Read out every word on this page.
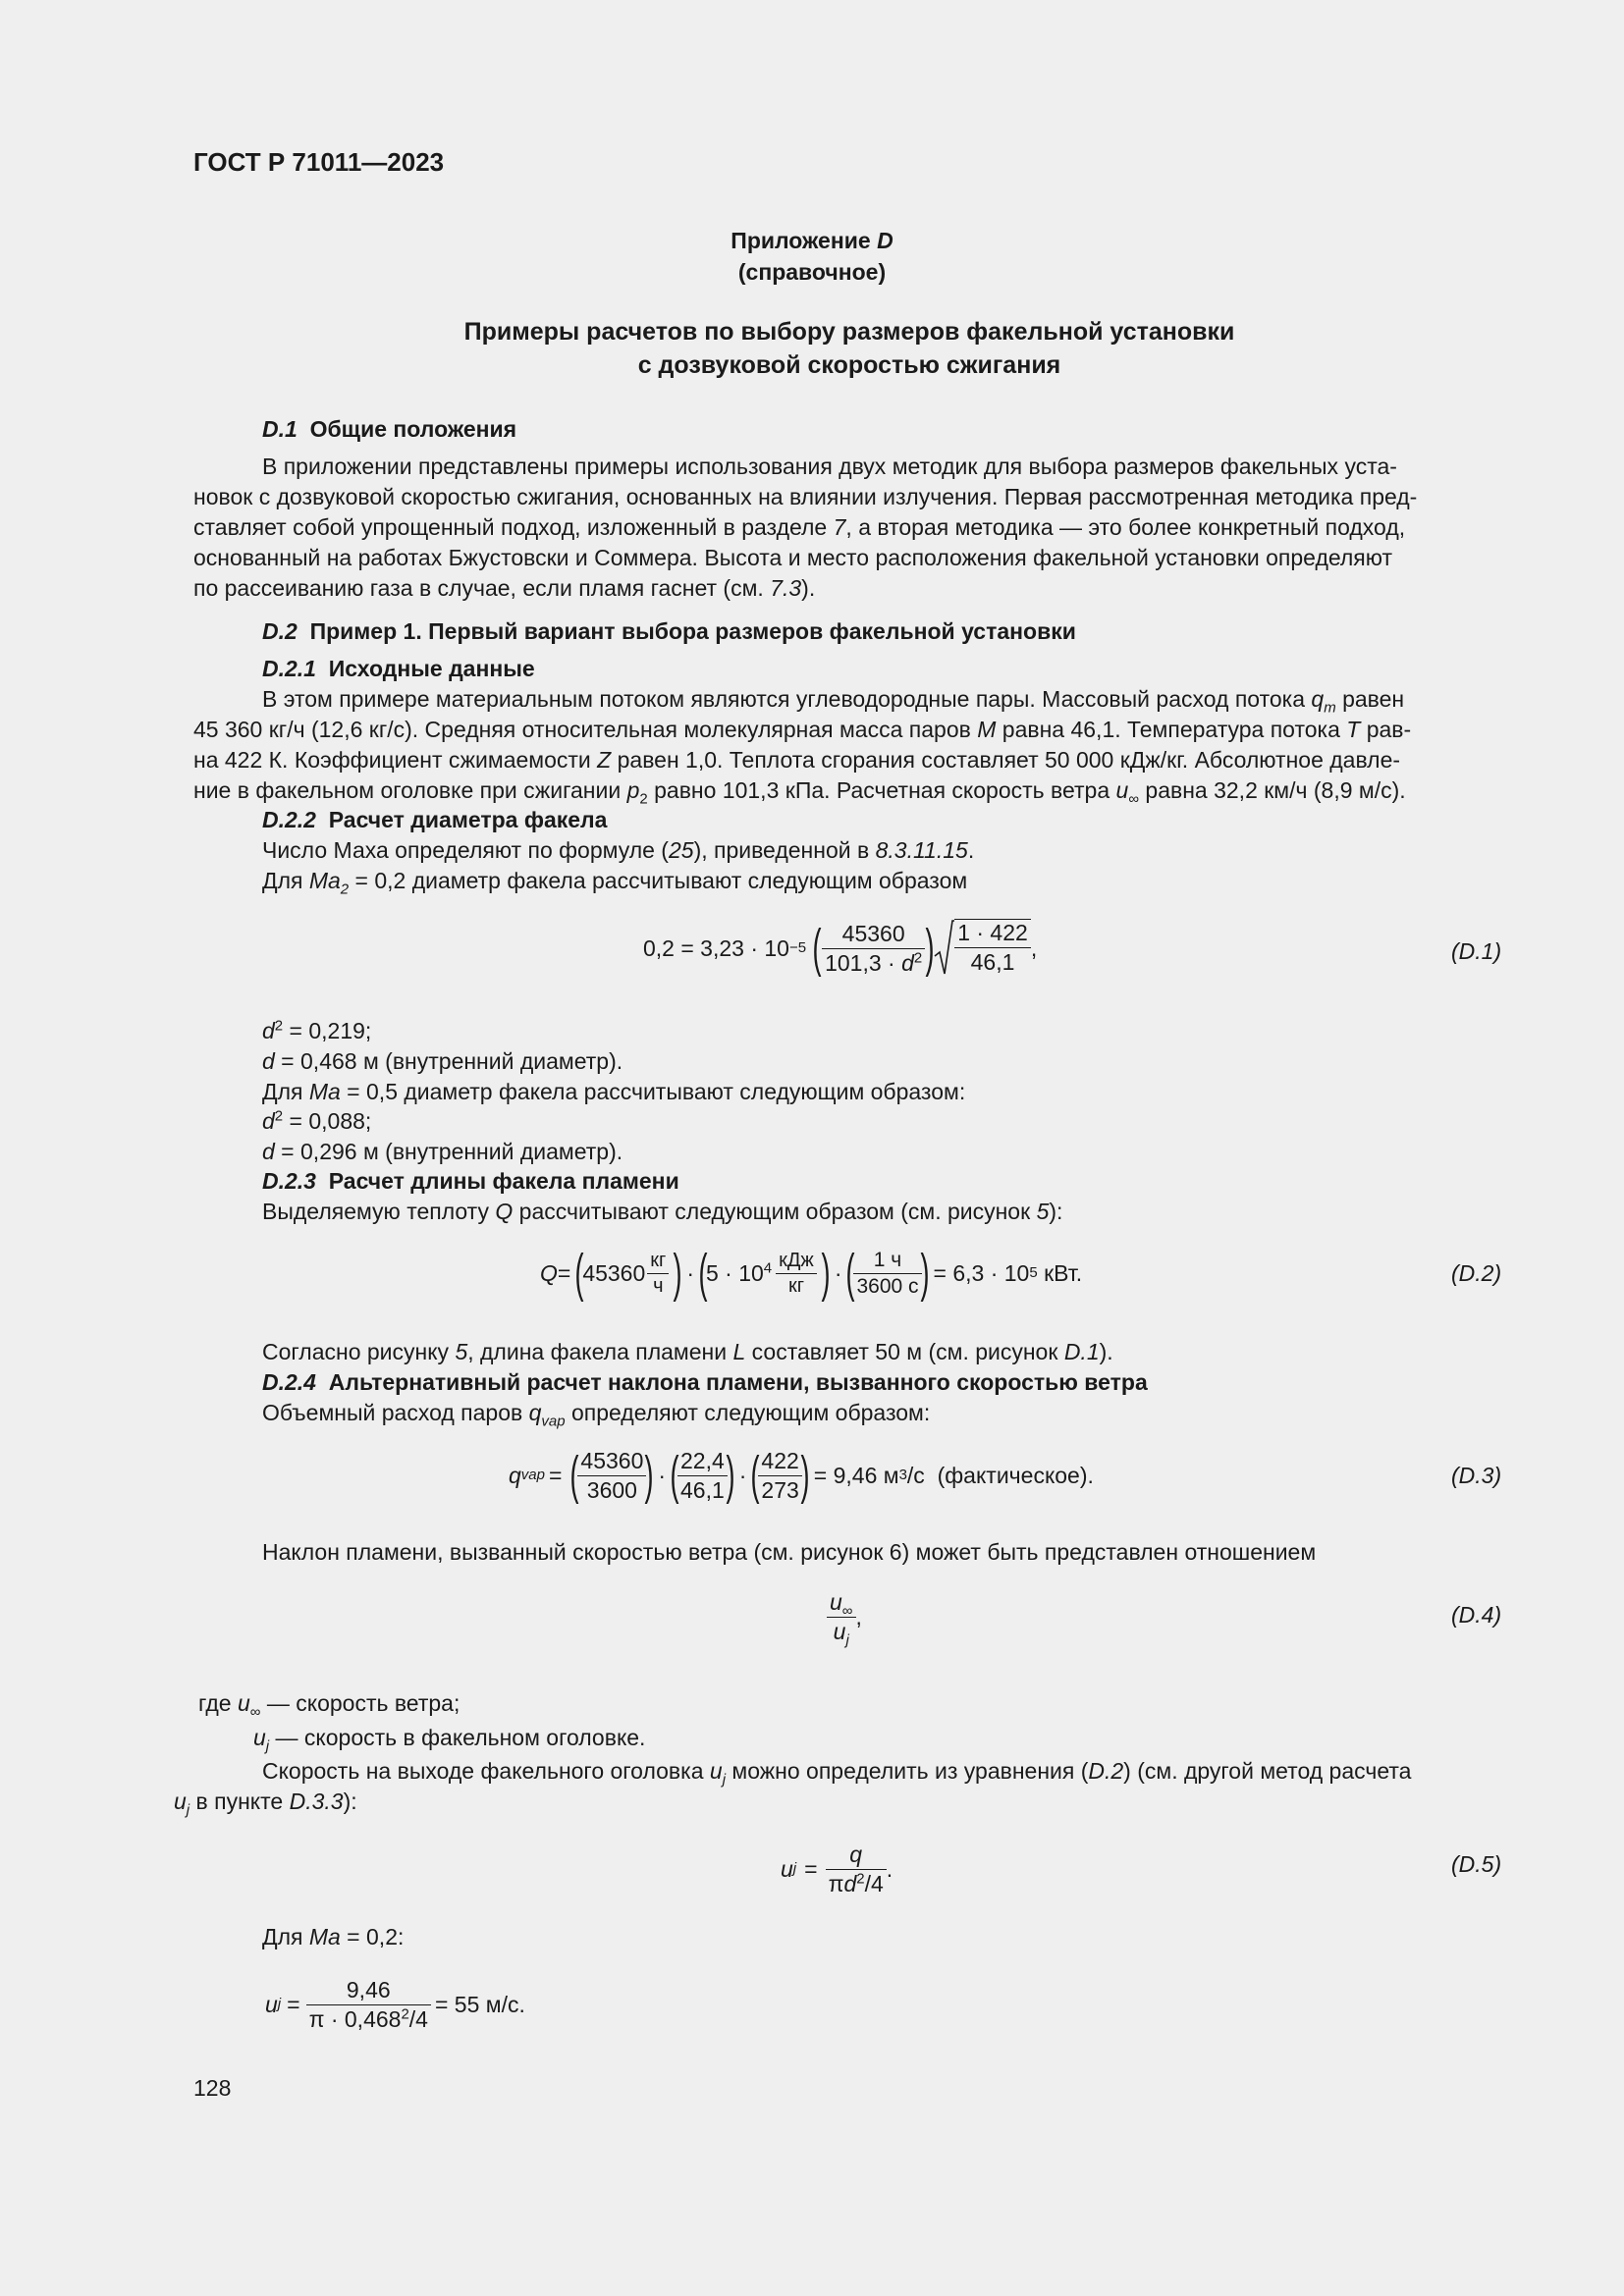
ГОСТ Р 71011—2023
Приложение D
(справочное)
Примеры расчетов по выбору размеров факельной установки
с дозвуковой скоростью сжигания
D.1 Общие положения
В приложении представлены примеры использования двух методик для выбора размеров факельных уста-
новок с дозвуковой скоростью сжигания, основанных на влиянии излучения. Первая рассмотренная методика пред-
ставляет собой упрощенный подход, изложенный в разделе 7, а вторая методика — это более конкретный подход,
основанный на работах Бжустовски и Соммера. Высота и место расположения факельной установки определяют
по рассеиванию газа в случае, если пламя гаснет (см. 7.3).
D.2 Пример 1. Первый вариант выбора размеров факельной установки
D.2.1 Исходные данные
В этом примере материальным потоком являются углеводородные пары. Массовый расход потока $q_m$ равен
45 360 кг/ч (12,6 кг/с). Средняя относительная молекулярная масса паров M равна 46,1. Температура потока T рав-
на 422 К. Коэффициент сжимаемости Z равен 1,0. Теплота сгорания составляет 50 000 кДж/кг. Абсолютное давле-
ние в факельном оголовке при сжигании $p_2$ равно 101,3 кПа. Расчетная скорость ветра $u_\infty$ равна 32,2 км/ч (8,9 м/с).
D.2.2 Расчет диаметра факела
Число Маха определяют по формуле (25), приведенной в 8.3.11.15.
Для $Ma_2 = 0,2$ диаметр факела рассчитывают следующим образом
0,2 = 3,23 · 10 −5 ( $\frac{45360}{101,3 \cdot d^2}$ ) $\frac{1 \cdot 422}{46,1}$ ,	(D.1)
$d^2 = 0,219$;
d = 0,468 м (внутренний диаметр).
Для Ma = 0,5 диаметр факела рассчитывают следующим образом:
$d^2 = 0,088$;
d = 0,296 м (внутренний диаметр).
D.2.3 Расчет длины факела пламени
Выделяемую теплоту Q рассчитывают следующим образом (см. рисунок 5):
Q = (
$45360 \frac{кг}{ч}$ ) · (
$5 \cdot 10^4 \frac{\text{кДж}}{кг}$ ) · (
$\frac{1 ч}{3600 с}$
) = 6,3 · 10 5
кВт.	(D.2)
Согласно рисунку 5, длина факела пламени L составляет 50 м (см. рисунок D.1).
D.2.4 Альтернативный расчет наклона пламени, вызванного скоростью ветра
Объемный расход паров $q_{vap}$ определяют следующим образом:
q vap = (
$\frac{45360}{3600}$
) · (
$\frac{22,4}{46,1}$
) · (
$\frac{422}{273}$
) = 9,46 м 3 /с
(фактическое).	(D.3)
Наклон пламени, вызванный скоростью ветра (см. рисунок 6) может быть представлен отношением
$\frac{u_\infty}{u_j}$ ,	(D.4)
где $u_\infty$ — скорость ветра;
$u_j$ — скорость в факельном оголовке.
Скорость на выходе факельного оголовка $u_j$ можно определить из уравнения (D.2) (см. другой метод расчета
$u_j$ в пункте D.3.3):
u $j = \frac{q}{\pi d^2/4}$ .	(D.5)
Для Ma = 0,2:
u $j = \frac{9,46}{\pi \cdot 0,468^2/4} = 55$ м/с.
128
